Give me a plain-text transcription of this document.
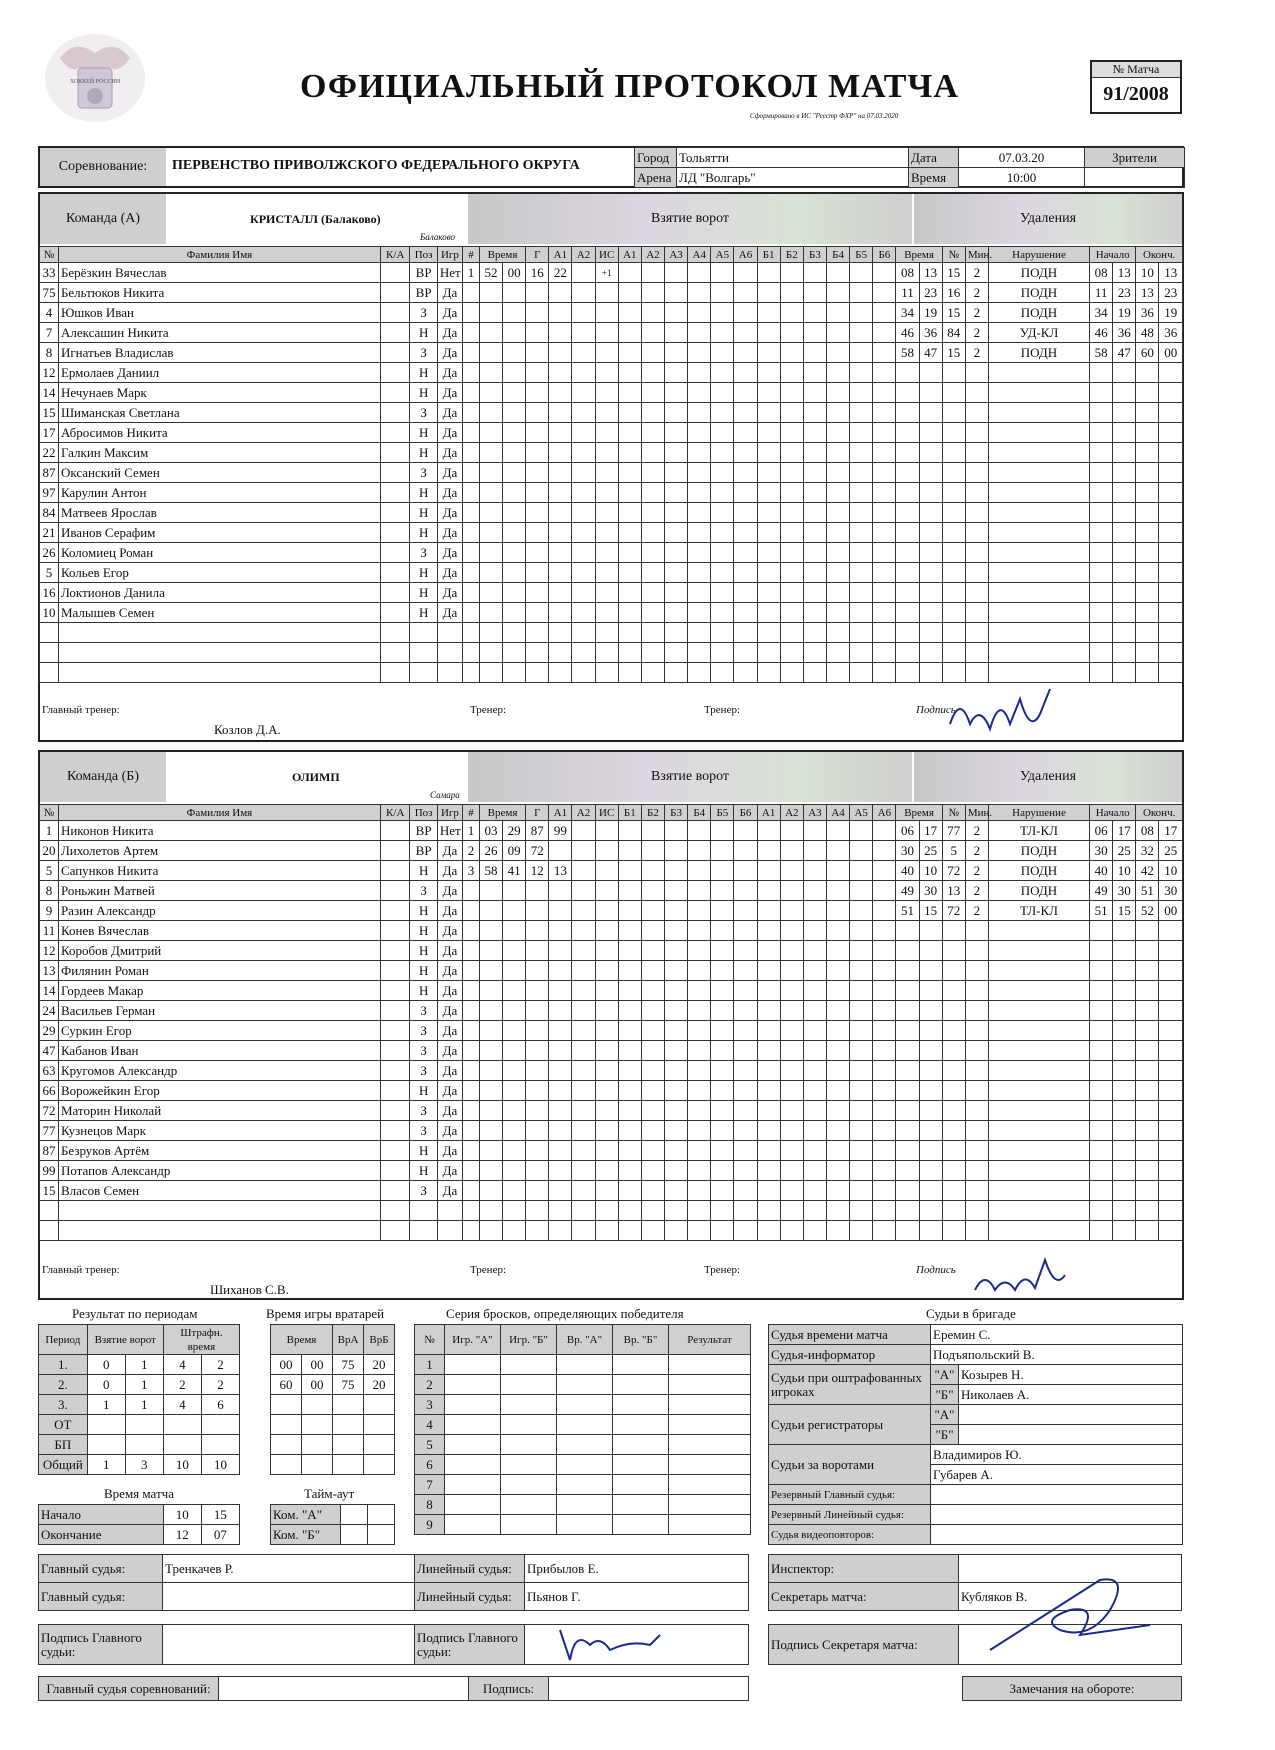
ХОККЕЙ РОССИИ	ОФИЦИАЛЬНЫЙ ПРОТОКОЛ МАТЧА
Сформировано в ИС "Реестр ФХР" на 07.03.2020
№ Матча
91/2008
Соревнование:	ПЕРВЕНСТВО ПРИВОЛЖСКОГО ФЕДЕРАЛЬНОГО ОКРУГА
Город	Тольятти	Дата	07.03.20	Зрители
Арена	ЛД "Волгарь"	Время	10:00	
Команда (А)	КРИСТАЛЛ (Балаково)
Балаково
Взятие ворот	Удаления
№	Фамилия Имя	К/А	Поз	Игр	#	Время		Г	А1	А2	ИС	А1	А2	А3	А4	А5	А6	Б1	Б2	Б3	Б4	Б5	Б6	Время		№	Мин.	Нарушение	Начало		Оконч.	
33	Берёзкин Вячеслав		ВР	Нет	1	52	00	16	22		+1													08	13	15	2	ПОДН	08	13	10	13
75	Бельтюков Никита		ВР	Да																				11	23	16	2	ПОДН	11	23	13	23
4	Юшков Иван		З	Да																				34	19	15	2	ПОДН	34	19	36	19
7	Алексашин Никита		Н	Да																				46	36	84	2	УД-КЛ	46	36	48	36
8	Игнатьев Владислав		З	Да																				58	47	15	2	ПОДН	58	47	60	00
12	Ермолаев Даниил		Н	Да																												
14	Нечунаев Марк		Н	Да																												
15	Шиманская Светлана		З	Да																												
17	Абросимов Никита		Н	Да																												
22	Галкин Максим		Н	Да																												
87	Оксанский Семен		З	Да																												
97	Карулин Антон		Н	Да																												
84	Матвеев Ярослав		Н	Да																												
21	Иванов Серафим		Н	Да																												
26	Коломиец Роман		З	Да																												
5	Кольев Егор		Н	Да																												
16	Локтионов Данила		Н	Да																												
10	Малышев Семен		Н	Да																												

Главный тренер:
Козлов Д.А.
Тренер:	Тренер:	Подпись
Команда (Б)	ОЛИМП
Самара
Взятие ворот	Удаления
№	Фамилия Имя	К/А	Поз	Игр	#	Время		Г	А1	А2	ИС	Б1	Б2	Б3	Б4	Б5	Б6	А1	А2	А3	А4	А5	А6	Время		№	Мин.	Нарушение	Начало		Оконч.	
1	Никонов Никита		ВР	Нет	1	03	29	87	99															06	17	77	2	ТЛ-КЛ	06	17	08	17
20	Лихолетов Артем		ВР	Да	2	26	09	72																30	25	5	2	ПОДН	30	25	32	25
5	Сапунков Никита		Н	Да	3	58	41	12	13															40	10	72	2	ПОДН	40	10	42	10
8	Роньжин Матвей		З	Да																				49	30	13	2	ПОДН	49	30	51	30
9	Разин Александр		Н	Да																				51	15	72	2	ТЛ-КЛ	51	15	52	00
11	Конев Вячеслав		Н	Да																												
12	Коробов Дмитрий		Н	Да																												
13	Филянин Роман		Н	Да																												
14	Гордеев Макар		Н	Да																												
24	Васильев Герман		З	Да																												
29	Суркин Егор		З	Да																												
47	Кабанов Иван		З	Да																												
63	Кругомов Александр		З	Да																												
66	Ворожейкин Егор		Н	Да																												
72	Маторин Николай		З	Да																												
77	Кузнецов Марк		З	Да																												
87	Безруков Артём		Н	Да																												
99	Потапов Александр		Н	Да																												
15	Власов Семен		З	Да																												

Главный тренер:
Шиханов С.В.
Тренер:	Тренер:	Подпись
Результат по периодам
Период	Взятие ворот		Штрафн. время	
1.	0	1	4	2
2.	0	1	2	2
3.	1	1	4	6
ОТ				
БП				
Общий	1	3	10	10
Время матча
Начало	10	15
Окончание	12	07
Время игры вратарей
Время		ВрА	ВрБ
00	00	75	20
60	00	75	20

Тайм-аут
Ком. "А"		
Ком. "Б"		
Серия бросков, определяющих победителя
№	Игр. "А"	Игр. "Б"	Вр. "А"	Вр. "Б"	Результат
1					
2					
3					
4					
5					
6					
7					
8					
9					
Судьи в бригаде
Судья времени матча	Еремин С.	
Судья-информатор	Подъяпольский В.	
Судьи при оштрафованных игроках	"А"	Козырев Н.
	"Б"	Николаев А.
Судьи регистраторы	"А"	
	"Б"	
Судьи за воротами	Владимиров Ю.	
	Губарев А.	
Резервный Главный судья:		
Резервный Линейный судья:		
Судья видеоповторов:		
Главный судья:	Тренкачев Р.	Линейный судья:	Прибылов Е.
Главный судья:		Линейный судья:	Пьянов Г.
Инспектор:	
Секретарь матча:	Кубляков В.
Подпись Главного судьи:		Подпись Главного судьи:		Подпись Секретаря матча:	
Главный судья соревнований:		Подпись:		Замечания на обороте:
